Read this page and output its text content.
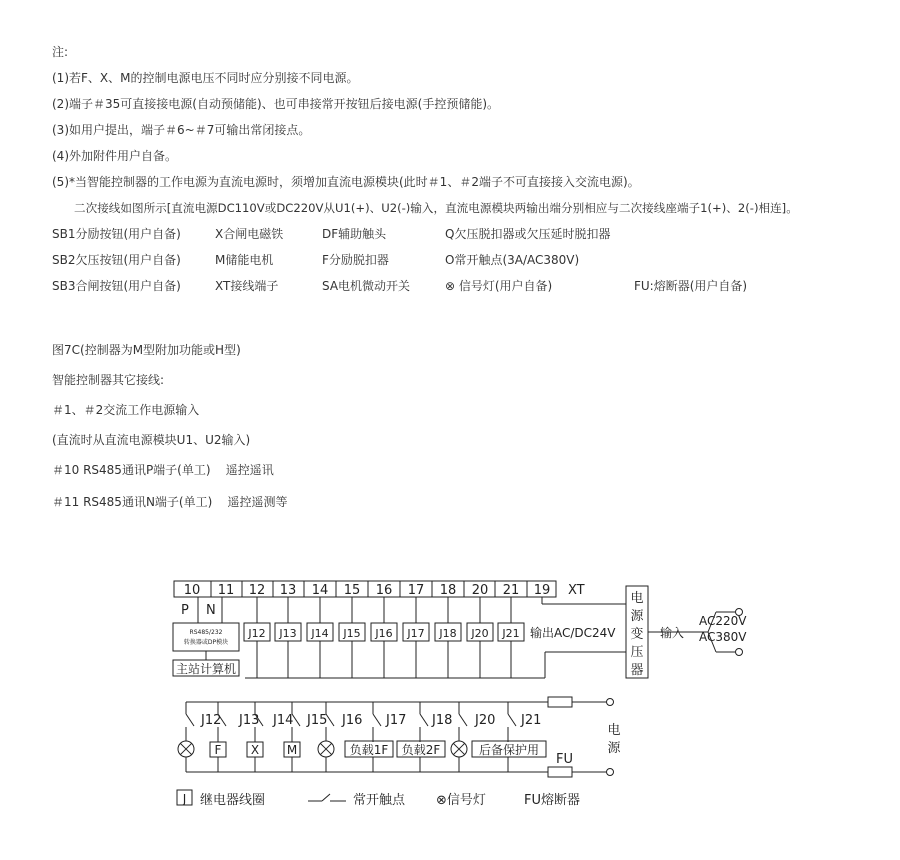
注:
(1)若F、X、M的控制电源电压不同时应分别接不同电源。
(2)端子＃35可直接接电源(自动预储能)、也可串接常开按钮后接电源(手控预储能)。
(3)如用户提出，端子＃6~＃7可输出常闭接点。
(4)外加附件用户自备。
(5)*当智能控制器的工作电源为直流电源时，须增加直流电源模块(此时＃1、＃2端子不可直接接入交流电源)。
二次接线如图所示[直流电源DC110V或DC220V从U1(+)、U2(-)输入，直流电源模块两输出端分别相应与二次接线座端子1(+)、2(-)相连]。
SB1分励按钮(用户自备)	X合闸电磁铁	DF辅助触头	Q欠压脱扣器或欠压延时脱扣器
SB2欠压按钮(用户自备)	M储能电机	F分励脱扣器	O常开触点(3A/AC380V)
SB3合闸按钮(用户自备)	XT接线端子	SA电机微动开关	⊗ 信号灯(用户自备)	FU:熔断器(用户自备)
图7C(控制器为M型附加功能或H型)
智能控制器其它接线:
＃1、＃2交流工作电源输入
(直流时从直流电源模块U1、U2输入)
＃10 RS485通讯P端子(单工)    遥控遥讯
＃11 RS485通讯N端子(单工)    遥控遥测等
10 11 12 13 14 15 16 17 18 20 21 19 XT
P N
RS485/232
转换器或DP模块
主站计算机
J12 J13 J14 J15 J16 J17 J18 J20 J21 输出AC/DC24V
电
源
变
压
器
输入
AC220V
AC380V
J12 J13 J14 J15 J16 J17 J18 J20 J21
F X M	负载1F 负载2F	后备保护用
电
源
FU
J 继电器线圈	常开触点 ⊗信号灯	FU熔断器
